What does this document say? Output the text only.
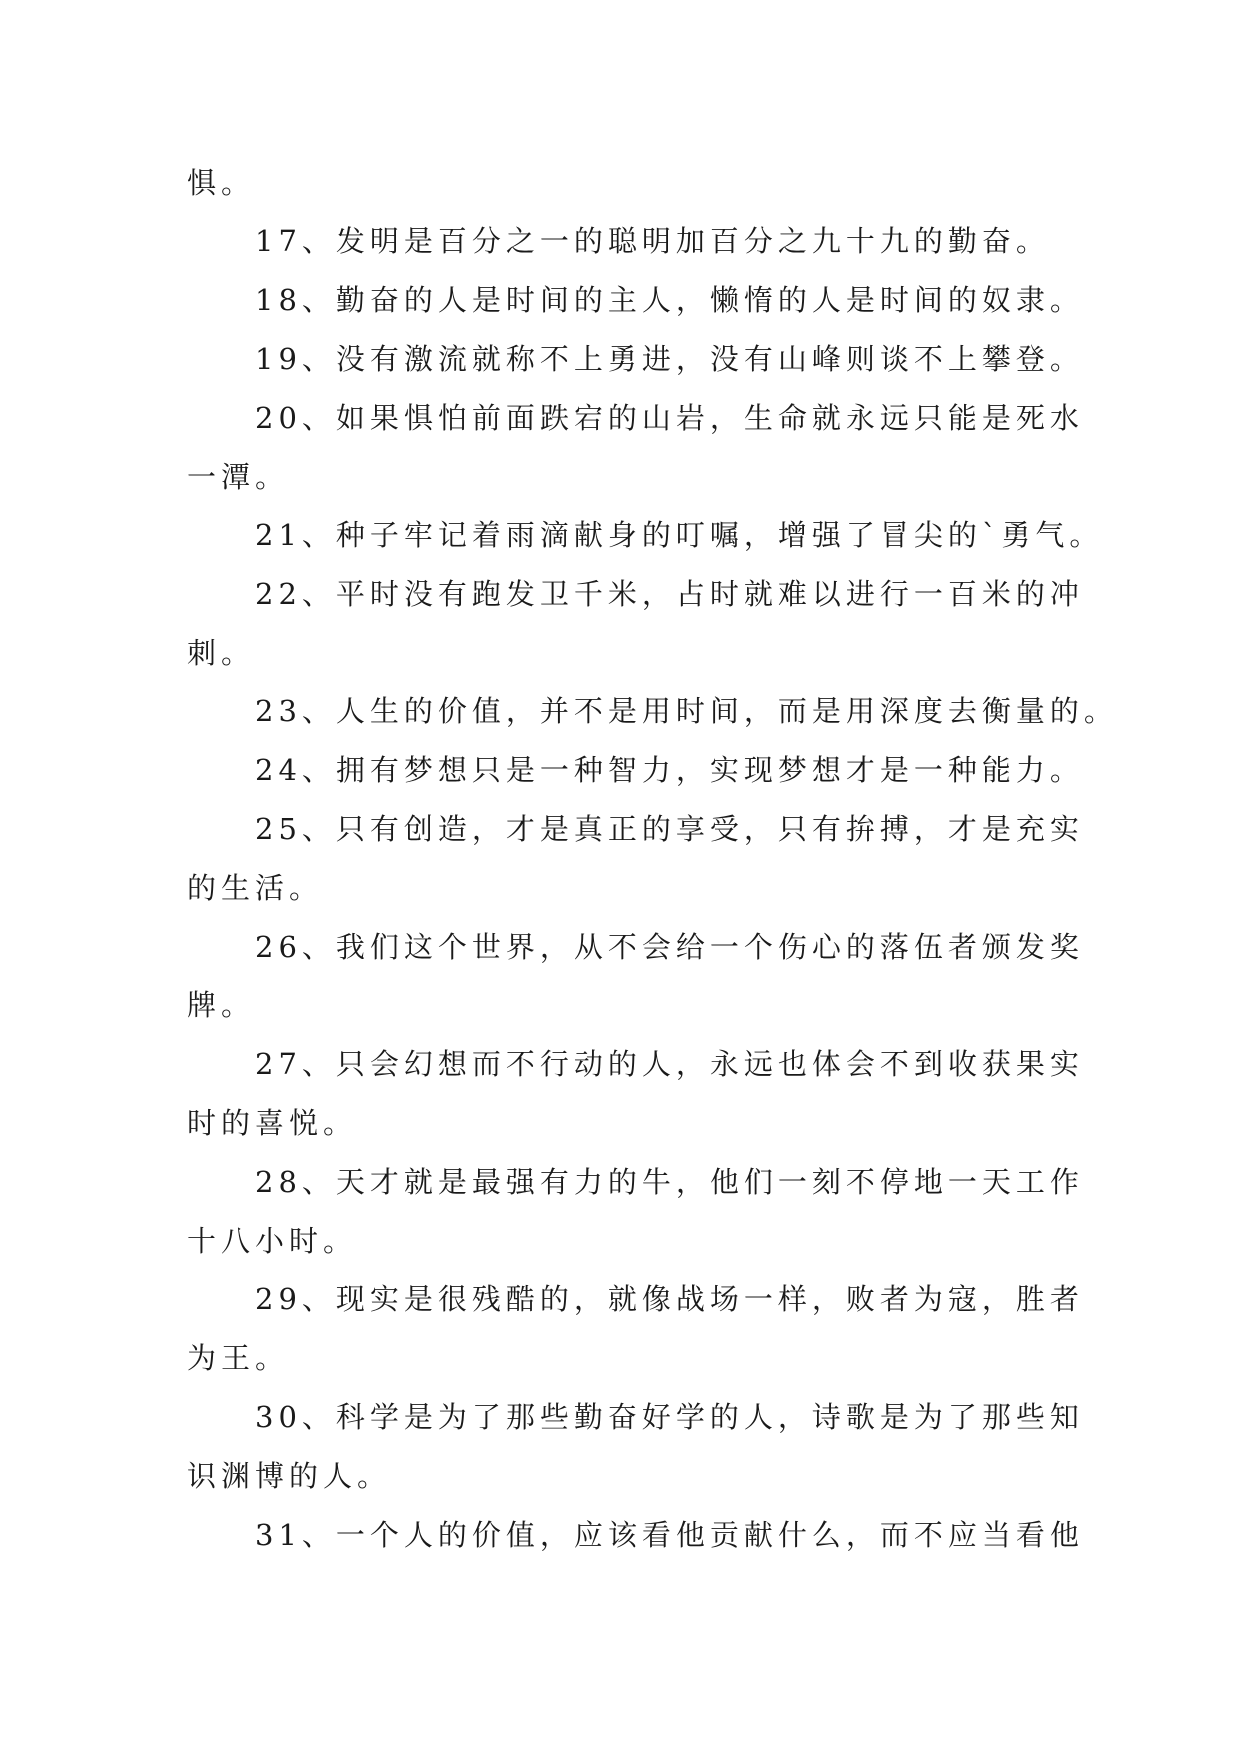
惧。
17、发明是百分之一的聪明加百分之九十九的勤奋。
18、勤奋的人是时间的主人，懒惰的人是时间的奴隶。
19、没有激流就称不上勇进，没有山峰则谈不上攀登。
20、如果惧怕前面跌宕的山岩，生命就永远只能是死水
一潭。
21、种子牢记着雨滴献身的叮嘱，增强了冒尖的`勇气。
22、平时没有跑发卫千米，占时就难以进行一百米的冲
刺。
23、人生的价值，并不是用时间，而是用深度去衡量的。
24、拥有梦想只是一种智力，实现梦想才是一种能力。
25、只有创造，才是真正的享受，只有拚搏，才是充实
的生活。
26、我们这个世界，从不会给一个伤心的落伍者颁发奖
牌。
27、只会幻想而不行动的人，永远也体会不到收获果实
时的喜悦。
28、天才就是最强有力的牛，他们一刻不停地一天工作
十八小时。
29、现实是很残酷的，就像战场一样，败者为寇，胜者
为王。
30、科学是为了那些勤奋好学的人，诗歌是为了那些知
识渊博的人。
31、一个人的价值，应该看他贡献什么，而不应当看他
